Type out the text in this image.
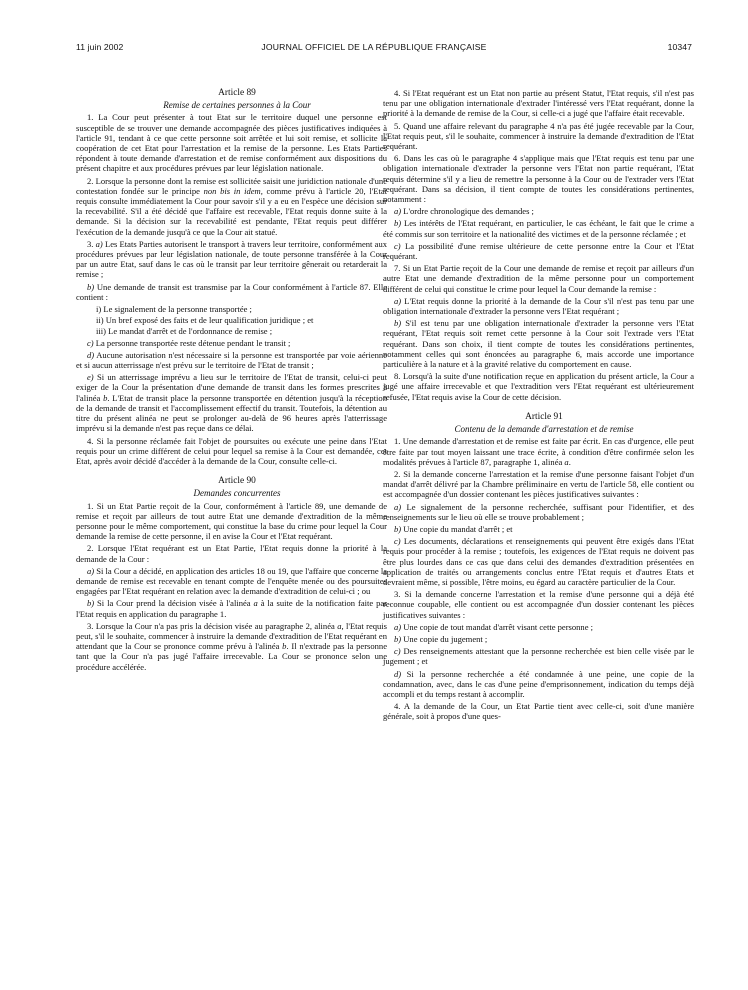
11 juin 2002	JOURNAL OFFICIEL DE LA RÉPUBLIQUE FRANÇAISE	10347

Article 89

Remise de certaines personnes à la Cour

1. La Cour peut présenter à tout Etat sur le territoire duquel une personne est susceptible de se trouver une demande accompagnée des pièces justificatives indiquées à l'article 91, tendant à ce que cette personne soit arrêtée et lui soit remise, et sollicite la coopération de cet Etat pour l'arrestation et la remise de la personne. Les Etats Parties répondent à toute demande d'arrestation et de remise conformément aux dispositions du présent chapitre et aux procédures prévues par leur législation nationale.

2. Lorsque la personne dont la remise est sollicitée saisit une juridiction nationale d'une contestation fondée sur le principe non bis in idem, comme prévu à l'article 20, l'Etat requis consulte immédiatement la Cour pour savoir s'il y a eu en l'espèce une décision sur la recevabilité. S'il a été décidé que l'affaire est recevable, l'Etat requis donne suite à la demande. Si la décision sur la recevabilité est pendante, l'Etat requis peut différer l'exécution de la demande jusqu'à ce que la Cour ait statué.

3. a) Les Etats Parties autorisent le transport à travers leur territoire, conformément aux procédures prévues par leur législation nationale, de toute personne transférée à la Cour par un autre Etat, sauf dans le cas où le transit par leur territoire gênerait ou retarderait la remise ;

b) Une demande de transit est transmise par la Cour conformément à l'article 87. Elle contient :

i) Le signalement de la personne transportée ;

ii) Un bref exposé des faits et de leur qualification juridique ; et

iii) Le mandat d'arrêt et de l'ordonnance de remise ;

c) La personne transportée reste détenue pendant le transit ;

d) Aucune autorisation n'est nécessaire si la personne est transportée par voie aérienne et si aucun atterrissage n'est prévu sur le territoire de l'Etat de transit ;

e) Si un atterrissage imprévu a lieu sur le territoire de l'Etat de transit, celui-ci peut exiger de la Cour la présentation d'une demande de transit dans les formes prescrites à l'alinéa b. L'Etat de transit place la personne transportée en détention jusqu'à la réception de la demande de transit et l'accomplissement effectif du transit. Toutefois, la détention au titre du présent alinéa ne peut se prolonger au-delà de 96 heures après l'atterrissage imprévu si la demande n'est pas reçue dans ce délai.

4. Si la personne réclamée fait l'objet de poursuites ou exécute une peine dans l'Etat requis pour un crime différent de celui pour lequel sa remise à la Cour est demandée, cet Etat, après avoir décidé d'accéder à la demande de la Cour, consulte celle-ci.

Article 90

Demandes concurrentes

1. Si un Etat Partie reçoit de la Cour, conformément à l'article 89, une demande de remise et reçoit par ailleurs de tout autre Etat une demande d'extradition de la même personne pour le même comportement, qui constitue la base du crime pour lequel la Cour demande la remise de cette personne, il en avise la Cour et l'Etat requérant.

2. Lorsque l'Etat requérant est un Etat Partie, l'Etat requis donne la priorité à la demande de la Cour :

a) Si la Cour a décidé, en application des articles 18 ou 19, que l'affaire que concerne la demande de remise est recevable en tenant compte de l'enquête menée ou des poursuites engagées par l'Etat requérant en relation avec la demande d'extradition de celui-ci ; ou

b) Si la Cour prend la décision visée à l'alinéa a à la suite de la notification faite par l'Etat requis en application du paragraphe 1.

3. Lorsque la Cour n'a pas pris la décision visée au paragraphe 2, alinéa a, l'Etat requis peut, s'il le souhaite, commencer à instruire la demande d'extradition de l'Etat requérant en attendant que la Cour se prononce comme prévu à l'alinéa b. Il n'extrade pas la personne tant que la Cour n'a pas jugé l'affaire irrecevable. La Cour se prononce selon une procédure accélérée.

4. Si l'Etat requérant est un Etat non partie au présent Statut, l'Etat requis, s'il n'est pas tenu par une obligation internationale d'extrader l'intéressé vers l'Etat requérant, donne la priorité à la demande de remise de la Cour, si celle-ci a jugé que l'affaire était recevable.

5. Quand une affaire relevant du paragraphe 4 n'a pas été jugée recevable par la Cour, l'Etat requis peut, s'il le souhaite, commencer à instruire la demande d'extradition de l'Etat requérant.

6. Dans les cas où le paragraphe 4 s'applique mais que l'Etat requis est tenu par une obligation internationale d'extrader la personne vers l'Etat non partie requérant, l'Etat requis détermine s'il y a lieu de remettre la personne à la Cour ou de l'extrader vers l'Etat requérant. Dans sa décision, il tient compte de toutes les considérations pertinentes, notamment :

a) L'ordre chronologique des demandes ;

b) Les intérêts de l'Etat requérant, en particulier, le cas échéant, le fait que le crime a été commis sur son territoire et la nationalité des victimes et de la personne réclamée ; et

c) La possibilité d'une remise ultérieure de cette personne entre la Cour et l'Etat requérant.

7. Si un Etat Partie reçoit de la Cour une demande de remise et reçoit par ailleurs d'un autre Etat une demande d'extradition de la même personne pour un comportement différent de celui qui constitue le crime pour lequel la Cour demande la remise :

a) L'Etat requis donne la priorité à la demande de la Cour s'il n'est pas tenu par une obligation internationale d'extrader la personne vers l'Etat requérant ;

b) S'il est tenu par une obligation internationale d'extrader la personne vers l'Etat requérant, l'Etat requis soit remet cette personne à la Cour soit l'extrade vers l'Etat requérant. Dans son choix, il tient compte de toutes les considérations pertinentes, notamment celles qui sont énoncées au paragraphe 6, mais accorde une importance particulière à la nature et à la gravité relative du comportement en cause.

8. Lorsqu'à la suite d'une notification reçue en application du présent article, la Cour a jugé une affaire irrecevable et que l'extradition vers l'Etat requérant est ultérieurement refusée, l'Etat requis avise la Cour de cette décision.

Article 91

Contenu de la demande d'arrestation et de remise

1. Une demande d'arrestation et de remise est faite par écrit. En cas d'urgence, elle peut être faite par tout moyen laissant une trace écrite, à condition d'être confirmée selon les modalités prévues à l'article 87, paragraphe 1, alinéa a.

2. Si la demande concerne l'arrestation et la remise d'une personne faisant l'objet d'un mandat d'arrêt délivré par la Chambre préliminaire en vertu de l'article 58, elle contient ou est accompagnée d'un dossier contenant les pièces justificatives suivantes :

a) Le signalement de la personne recherchée, suffisant pour l'identifier, et des renseignements sur le lieu où elle se trouve probablement ;

b) Une copie du mandat d'arrêt ; et

c) Les documents, déclarations et renseignements qui peuvent être exigés dans l'Etat requis pour procéder à la remise ; toutefois, les exigences de l'Etat requis ne doivent pas être plus lourdes dans ce cas que dans celui des demandes d'extradition présentées en application de traités ou arrangements conclus entre l'Etat requis et d'autres Etats et devraient même, si possible, l'être moins, eu égard au caractère particulier de la Cour.

3. Si la demande concerne l'arrestation et la remise d'une personne qui a déjà été reconnue coupable, elle contient ou est accompagnée d'un dossier contenant les pièces justificatives suivantes :

a) Une copie de tout mandat d'arrêt visant cette personne ;

b) Une copie du jugement ;

c) Des renseignements attestant que la personne recherchée est bien celle visée par le jugement ; et

d) Si la personne recherchée a été condamnée à une peine, une copie de la condamnation, avec, dans le cas d'une peine d'emprisonnement, indication du temps déjà accompli et du temps restant à accomplir.

4. A la demande de la Cour, un Etat Partie tient avec celle-ci, soit d'une manière générale, soit à propos d'une ques-
